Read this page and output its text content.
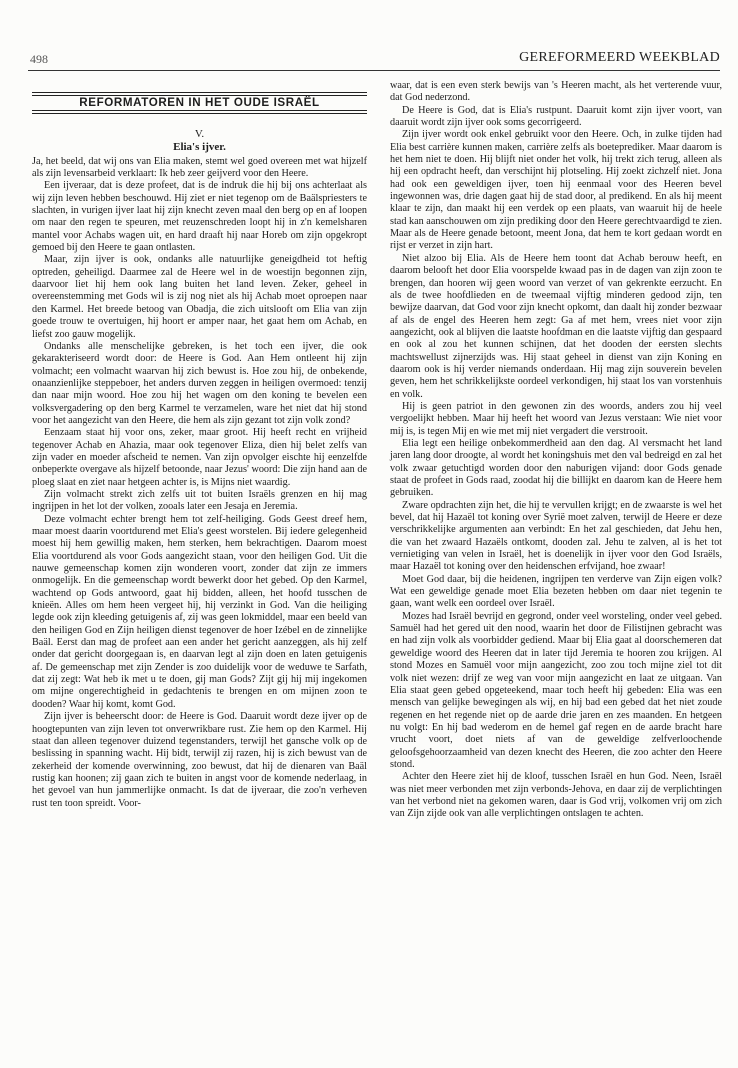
498	GEREFORMEERD WEEKBLAD
REFORMATOREN IN HET OUDE ISRAËL
V.
Elia's ijver.

Ja, het beeld, dat wij ons van Elia maken, stemt wel goed overeen met wat hijzelf als zijn levensarbeid verklaart: Ik heb zeer geijverd voor den Heere.

Een ijveraar, dat is deze profeet, dat is de indruk die hij bij ons achterlaat als wij zijn leven hebben beschouwd. Hij ziet er niet tegenop om de Baälspriesters te slachten, in vurigen ijver laat hij zijn knecht zeven maal den berg op en af loopen om naar den regen te speuren, met reuzenschreden loopt hij in z'n kemelsharen mantel voor Achabs wagen uit, en hard draaft hij naar Horeb om zijn opgekropt gemoed bij den Heere te gaan ontlasten.

Maar, zijn ijver is ook, ondanks alle natuurlijke geneigdheid tot heftig optreden, geheiligd. Daarmee zal de Heere wel in de woestijn begonnen zijn, daarvoor liet hij hem ook lang buiten het land leven. Zeker, geheel in overeenstemming met Gods wil is zij nog niet als hij Achab moet oproepen naar den Karmel. Het breede betoog van Obadja, die zich uitslooft om Elia van zijn goede trouw te overtuigen, hij hoort er amper naar, het gaat hem om Achab, en liefst zoo gauw mogelijk.

Ondanks alle menschelijke gebreken, is het toch een ijver, die ook gekarakteriseerd wordt door: de Heere is God. Aan Hem ontleent hij zijn volmacht; een volmacht waarvan hij zich bewust is. Hoe zou hij, de onbekende, onaanzienlijke steppeboer, het anders durven zeggen in heiligen overmoed: tenzij dan naar mijn woord. Hoe zou hij het wagen om den koning te bevelen een volksvergadering op den berg Karmel te verzamelen, ware het niet dat hij stond voor het aangezicht van den Heere, die hem als zijn gezant tot zijn volk zond?

Eenzaam staat hij voor ons, zeker, maar groot. Hij heeft recht en vrijheid tegenover Achab en Ahazia, maar ook tegenover Eliza, dien hij belet zelfs van zijn vader en moeder afscheid te nemen. Van zijn opvolger eischte hij eenzelfde onbeperkte overgave als hijzelf betoonde, naar Jezus' woord: Die zijn hand aan de ploeg slaat en ziet naar hetgeen achter is, is Mijns niet waardig.

Zijn volmacht strekt zich zelfs uit tot buiten Israëls grenzen en hij mag ingrijpen in het lot der volken, zooals later een Jesaja en Jeremia.

Deze volmacht echter brengt hem tot zelf-heiliging. Gods Geest dreef hem, maar moest daarin voortdurend met Elia's geest worstelen. Bij iedere gelegenheid moest hij hem gewillig maken, hem sterken, hem bekrachtigen. Daarom moest Elia voortdurend als voor Gods aangezicht staan, voor den heiligen God. Uit die nauwe gemeenschap komen zijn wonderen voort, zonder dat zijn ze immers onmogelijk. En die gemeenschap wordt bewerkt door het gebed. Op den Karmel, wachtend op Gods antwoord, gaat hij bidden, alleen, het hoofd tusschen de knieën. Alles om hem heen vergeet hij, hij verzinkt in God. Van die heiliging legde ook zijn kleeding getuigenis af, zij was geen lokmiddel, maar een beeld van den heiligen God en Zijn heiligen dienst tegenover de hoer Izébel en de zinnelijke Baäl. Eerst dan mag de profeet aan een ander het gericht aanzeggen, als hij zelf onder dat gericht doorgegaan is, en daarvan legt al zijn doen en laten getuigenis af. De gemeenschap met zijn Zender is zoo duidelijk voor de weduwe te Sarfath, dat zij zegt: Wat heb ik met u te doen, gij man Gods? Zijt gij hij mij ingekomen om mijne ongerechtigheid in gedachtenis te brengen en om mijnen zoon te dooden? Waar hij komt, komt God.

Zijn ijver is beheerscht door: de Heere is God. Daaruit wordt deze ijver op de hoogtepunten van zijn leven tot onverwrikbare rust. Zie hem op den Karmel. Hij staat dan alleen tegenover duizend tegenstanders, terwijl het gansche volk op de beslissing in spanning wacht. Hij bidt, terwijl zij razen, hij is zich bewust van de zekerheid der komende overwinning, zoo bewust, dat hij de dienaren van Baäl rustig kan hoonen; zij gaan zich te buiten in angst voor de komende nederlaag, in het gevoel van hun jammerlijke onmacht. Is dat de ijveraar, die zoo'n verheven rust ten toon spreidt. Voor-

waar, dat is een even sterk bewijs van 's Heeren macht, als het verterende vuur, dat God nederzond.

De Heere is God, dat is Elia's rustpunt. Daaruit komt zijn ijver voort, van daaruit wordt zijn ijver ook soms gecorrigeerd.

Zijn ijver wordt ook enkel gebruikt voor den Heere. Och, in zulke tijden had Elia best carrière kunnen maken, carrière zelfs als boeteprediker. Maar daarom is het hem niet te doen. Hij blijft niet onder het volk, hij trekt zich terug, alleen als hij een opdracht heeft, dan verschijnt hij plotseling. Hij zoekt zichzelf niet. Jona had ook een geweldigen ijver, toen hij eenmaal voor des Heeren bevel ingewonnen was, drie dagen gaat hij de stad door, al predikend. En als hij meent klaar te zijn, dan maakt hij een verdek op een plaats, van waaruit hij de heele stad kan aanschouwen om zijn prediking door den Heere gerechtvaardigd te zien. Maar als de Heere genade betoont, meent Jona, dat hem te kort gedaan wordt en rijst er verzet in zijn hart.

Niet alzoo bij Elia. Als de Heere hem toont dat Achab berouw heeft, en daarom belooft het door Elia voorspelde kwaad pas in de dagen van zijn zoon te brengen, dan hooren wij geen woord van verzet of van gekrenkte eerzucht. En als de twee hoofdlieden en de tweemaal vijftig minderen gedood zijn, ten bewijze daarvan, dat God voor zijn knecht opkomt, dan daalt hij zonder bezwaar af als de engel des Heeren hem zegt: Ga af met hem, vrees niet voor zijn aangezicht, ook al blijven die laatste hoofdman en die laatste vijftig dan gespaard en ook al zou het kunnen schijnen, dat het dooden der eersten slechts machtswellust zijnerzijds was. Hij staat geheel in dienst van zijn Koning en daarom ook is hij verder niemands onderdaan. Hij mag zijn souverein bevelen geven, hem het schrikkelijkste oordeel verkondigen, hij staat los van vorstenhuis en volk.

Hij is geen patriot in den gewonen zin des woords, anders zou hij veel vergoelijkt hebben. Maar hij heeft het woord van Jezus verstaan: Wie niet voor mij is, is tegen Mij en wie met mij niet vergadert die verstrooit.

Elia legt een heilige onbekommerdheid aan den dag. Al versmacht het land jaren lang door droogte, al wordt het koningshuis met den val bedreigd en zal het volk zwaar getuchtigd worden door den naburigen vijand: door Gods genade staat de profeet in Gods raad, zoodat hij die billijkt en daarom kan de Heere hem gebruiken.

Zware opdrachten zijn het, die hij te vervullen krijgt; en de zwaarste is wel het bevel, dat hij Hazaël tot koning over Syrië moet zalven, terwijl de Heere er deze verschrikkelijke argumenten aan verbindt: En het zal geschieden, dat Jehu hen, die van het zwaard Hazaëls ontkomt, dooden zal. Jehu te zalven, al is het tot vernietiging van velen in Israël, het is doenelijk in ijver voor den God Israëls, maar Hazaël tot koning over den heidenschen erfvijand, hoe zwaar!

Moet God daar, bij die heidenen, ingrijpen ten verderve van Zijn eigen volk? Wat een geweldige genade moet Elia bezeten hebben om daar niet tegenin te gaan, want welk een oordeel over Israël.

Mozes had Israël bevrijd en gegrond, onder veel worsteling, onder veel gebed. Samuël had het gered uit den nood, waarin het door de Filistijnen gebracht was en had zijn volk als voorbidder gediend. Maar bij Elia gaat al doorschemeren dat geweldige woord des Heeren dat in later tijd Jeremia te hooren zou krijgen. Al stond Mozes en Samuël voor mijn aangezicht, zoo zou toch mijne ziel tot dit volk niet wezen: drijf ze weg van voor mijn aangezicht en laat ze uitgaan. Van Elia staat geen gebed opgeteekend, maar toch heeft hij gebeden: Elia was een mensch van gelijke bewegingen als wij, en hij bad een gebed dat het niet zoude regenen en het regende niet op de aarde drie jaren en zes maanden. En hetgeen nu volgt: En hij bad wederom en de hemel gaf regen en de aarde bracht hare vrucht voort, doet niets af van de geweldige zelfverloochende geloofsgehoorzaamheid van dezen knecht des Heeren, die zoo achter den Heere stond.

Achter den Heere ziet hij de kloof, tusschen Israël en hun God. Neen, Israël was niet meer verbonden met zijn verbonds-Jehova, en daar zij de verplichtingen van het verbond niet na gekomen waren, daar is God vrij, volkomen vrij om zich van Zijn zijde ook van alle verplichtingen ontslagen te achten.
